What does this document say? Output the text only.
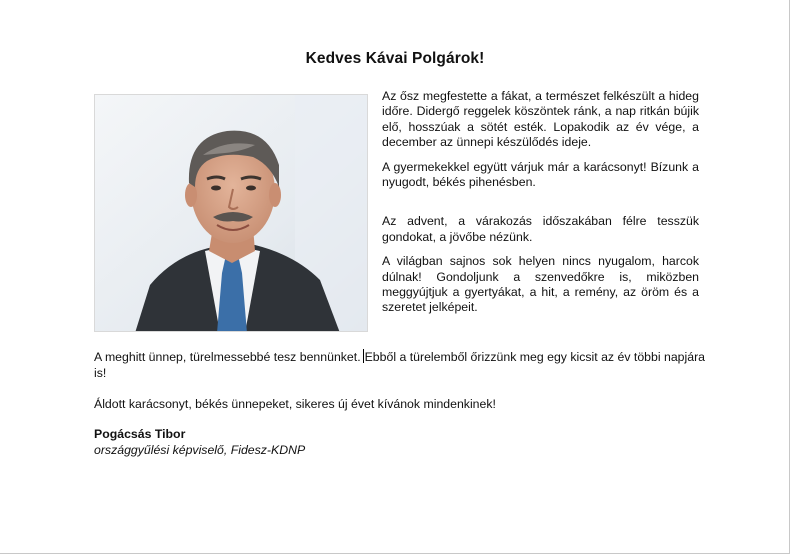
Kedves Kávai Polgárok!

Az ősz megfestette a fákat, a természet felkészült a hideg időre. Didergő reggelek köszöntek ránk, a nap ritkán bújik elő, hosszúak a sötét esték. Lopakodik az év vége, a december az ünnepi készülődés ideje.

A gyermekekkel együtt várjuk már a karácsonyt! Bízunk a nyugodt, békés pihenésben.

Az advent, a várakozás időszakában félre tesszük gondokat, a jövőbe nézünk.

A világban sajnos sok helyen nincs nyugalom, harcok dúlnak! Gondoljunk a szenvedőkre is, miközben meggyújtjuk a gyertyákat, a hit, a remény, az öröm és a szeretet jelképeit.

A meghitt ünnep, türelmessebbé tesz bennünket. Ebből a türelemből őrizzünk meg egy kicsit az év többi napjára is!

Áldott karácsonyt, békés ünnepeket, sikeres új évet kívánok mindenkinek!

Pogácsás Tibor
országgyűlési képviselő, Fidesz-KDNP
